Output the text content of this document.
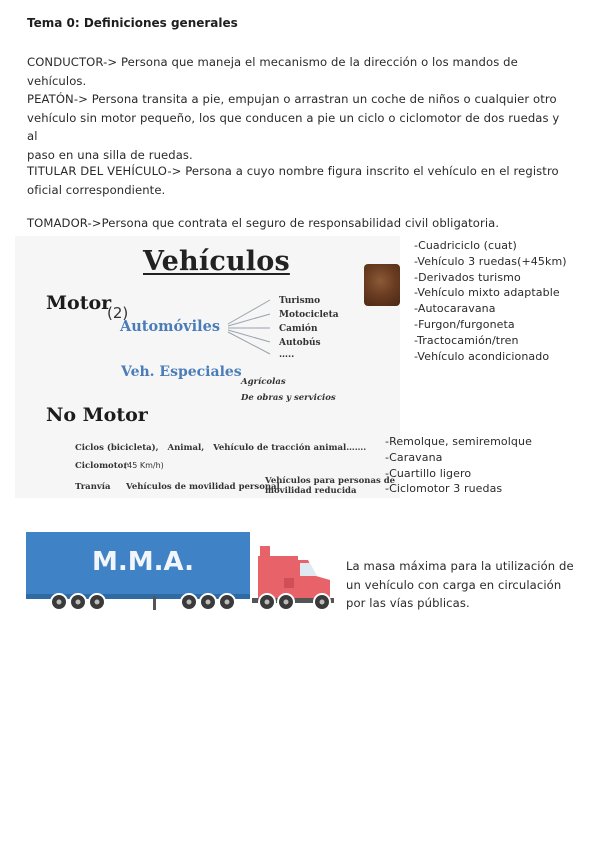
Tema 0: Definiciones generales
CONDUCTOR-> Persona que maneja el mecanismo de la dirección o los mandos de vehículos.
PEATÓN-> Persona transita a pie, empujan o arrastran un coche de niños o cualquier otro
vehículo sin motor pequeño, los que conducen a pie un ciclo o ciclomotor de dos ruedas y al
paso en una silla de ruedas.
TITULAR DEL VEHÍCULO-> Persona a cuyo nombre figura inscrito el vehículo en el registro
oficial correspondiente.
TOMADOR->Persona que contrata el seguro de responsabilidad civil obligatoria.
Vehículos
Motor
(2)
Automóviles
Turismo
Motocicleta
Camión
Autobús
…..
Veh. Especiales
Agrícolas
De obras y servicios
No Motor
Ciclos (bicicleta),   Animal,   Vehículo de tracción animal…….
Ciclomotor
(45 Km/h)
Tranvía Vehículos de movilidad personal
Vehículos para personas de
movilidad reducida
-Cuadriciclo (cuat)
-Vehículo 3 ruedas(+45km)
-Derivados turismo
-Vehículo mixto adaptable
-Autocaravana
-Furgon/furgoneta
-Tractocamión/tren
-Vehículo acondicionado
-Remolque, semiremolque
-Caravana
-Cuartillo ligero
-Ciclomotor 3 ruedas
M.M.A.	La masa máxima para la utilización de
un vehículo con carga en circulación
por las vías públicas.
